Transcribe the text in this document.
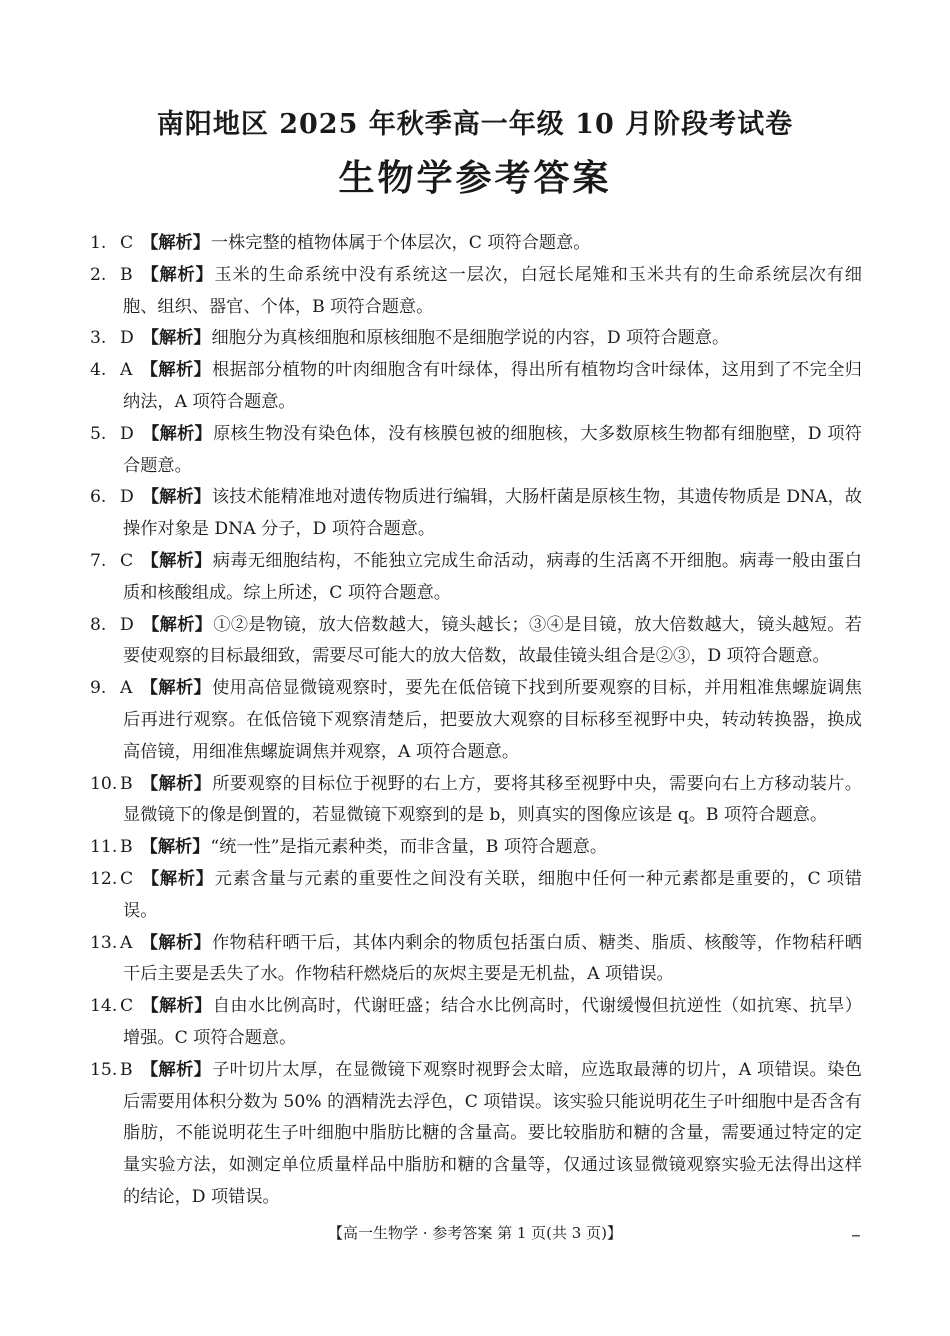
南阳地区 2025 年秋季高一年级 10 月阶段考试卷
生物学参考答案
1. C 【解析】一株完整的植物体属于个体层次，C 项符合题意。
2. B 【解析】玉米的生命系统中没有系统这一层次，白冠长尾雉和玉米共有的生命系统层次有细胞、组织、器官、个体，B 项符合题意。
3. D 【解析】细胞分为真核细胞和原核细胞不是细胞学说的内容，D 项符合题意。
4. A 【解析】根据部分植物的叶肉细胞含有叶绿体，得出所有植物均含叶绿体，这用到了不完全归纳法，A 项符合题意。
5. D 【解析】原核生物没有染色体，没有核膜包被的细胞核，大多数原核生物都有细胞壁，D 项符合题意。
6. D 【解析】该技术能精准地对遗传物质进行编辑，大肠杆菌是原核生物，其遗传物质是 DNA，故操作对象是 DNA 分子，D 项符合题意。
7. C 【解析】病毒无细胞结构，不能独立完成生命活动，病毒的生活离不开细胞。病毒一般由蛋白质和核酸组成。综上所述，C 项符合题意。
8. D 【解析】①②是物镜，放大倍数越大，镜头越长；③④是目镜，放大倍数越大，镜头越短。若要使观察的目标最细致，需要尽可能大的放大倍数，故最佳镜头组合是②③，D 项符合题意。
9. A 【解析】使用高倍显微镜观察时，要先在低倍镜下找到所要观察的目标，并用粗准焦螺旋调焦后再进行观察。在低倍镜下观察清楚后，把要放大观察的目标移至视野中央，转动转换器，换成高倍镜，用细准焦螺旋调焦并观察，A 项符合题意。
10. B 【解析】所要观察的目标位于视野的右上方，要将其移至视野中央，需要向右上方移动装片。显微镜下的像是倒置的，若显微镜下观察到的是 b，则真实的图像应该是 q。B 项符合题意。
11. B 【解析】“统一性”是指元素种类，而非含量，B 项符合题意。
12. C 【解析】元素含量与元素的重要性之间没有关联，细胞中任何一种元素都是重要的，C 项错误。
13. A 【解析】作物秸秆晒干后，其体内剩余的物质包括蛋白质、糖类、脂质、核酸等，作物秸秆晒干后主要是丢失了水。作物秸秆燃烧后的灰烬主要是无机盐，A 项错误。
14. C 【解析】自由水比例高时，代谢旺盛；结合水比例高时，代谢缓慢但抗逆性（如抗寒、抗旱）增强。C 项符合题意。
15. B 【解析】子叶切片太厚，在显微镜下观察时视野会太暗，应选取最薄的切片，A 项错误。染色后需要用体积分数为 50% 的酒精洗去浮色，C 项错误。该实验只能说明花生子叶细胞中是否含有脂肪，不能说明花生子叶细胞中脂肪比糖的含量高。要比较脂肪和糖的含量，需要通过特定的定量实验方法，如测定单位质量样品中脂肪和糖的含量等，仅通过该显微镜观察实验无法得出这样的结论，D 项错误。
【高一生物学 · 参考答案 第 1 页(共 3 页)】	▁
